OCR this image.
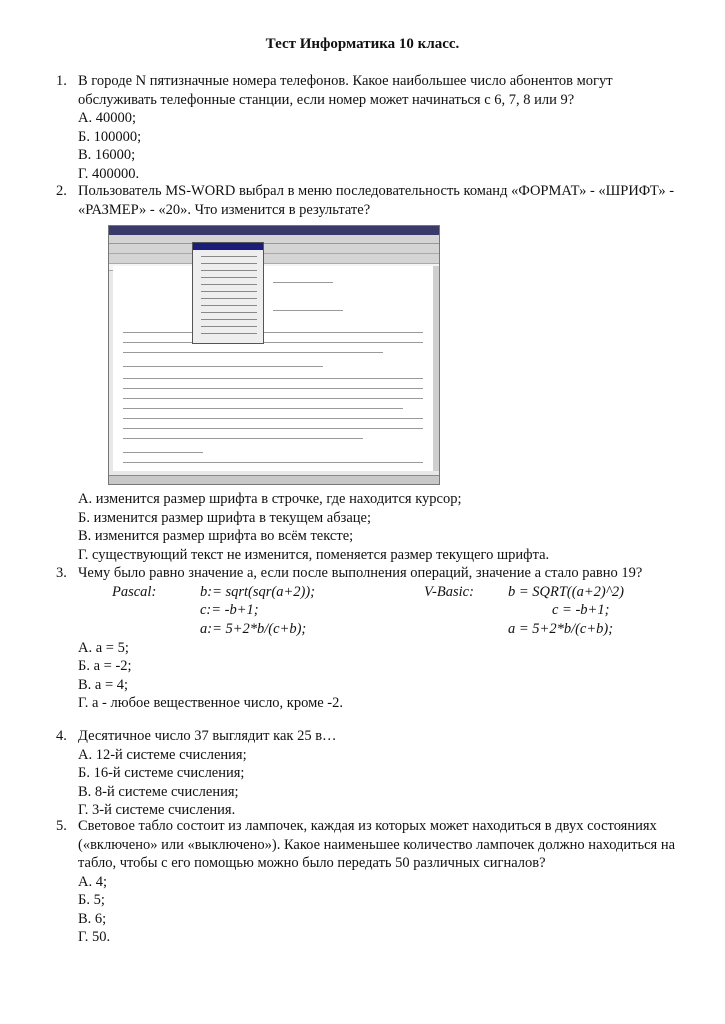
Тест Информатика 10 класс.
1. В городе N пятизначные номера телефонов. Какое наибольшее число абонентов могут обслуживать телефонные станции, если номер может начинаться с 6, 7, 8 или 9?
А. 40000;
Б. 100000;
В. 16000;
Г. 400000.
2. Пользователь MS-WORD выбрал в меню последовательность команд «ФОРМАТ» - «ШРИФТ» - «РАЗМЕР» - «20». Что изменится в результате?
А. изменится размер шрифта в строчке, где находится курсор;
Б. изменится размер шрифта в текущем абзаце;
В. изменится размер шрифта во всём тексте;
Г. существующий текст не изменится, поменяется размер текущего шрифта.
3. Чему было равно значение a, если после выполнения операций, значение a стало равно 19?
Pascal:	b:= sqrt(sqr(a+2));
c:= -b+1;
a:= 5+2*b/(c+b);
V-Basic: b = SQRT((a+2)^2)
c = -b+1;
a = 5+2*b/(c+b);
А. a = 5;
Б. a = -2;
В. a = 4;
Г. a - любое вещественное число, кроме -2.
4. Десятичное число 37 выглядит как 25 в…
А. 12-й системе счисления;
Б. 16-й системе счисления;
В. 8-й системе счисления;
Г. 3-й системе счисления.
5. Световое табло состоит из лампочек, каждая из которых может находиться в двух состояниях («включено» или «выключено»). Какое наименьшее количество лампочек должно находиться на табло, чтобы с его помощью можно было передать 50 различных сигналов?
А. 4;
Б. 5;
В. 6;
Г. 50.
